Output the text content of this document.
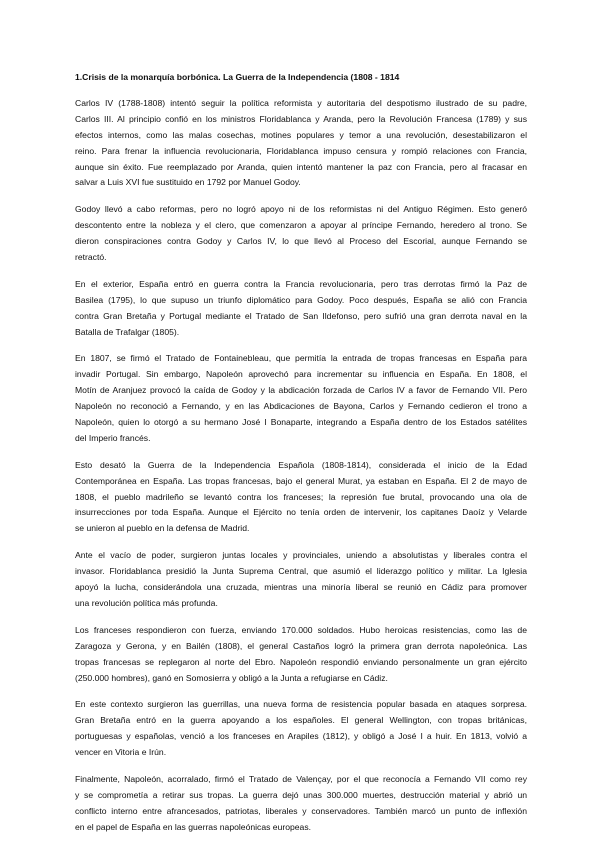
1.Crisis de la monarquía borbónica. La Guerra de la Independencia (1808 - 1814
Carlos IV (1788-1808) intentó seguir la política reformista y autoritaria del despotismo ilustrado de su padre,
Carlos III. Al principio confió en los ministros Floridablanca y Aranda, pero la Revolución Francesa (1789) y sus
efectos internos, como las malas cosechas, motines populares y temor a una revolución, desestabilizaron el
reino. Para frenar la influencia revolucionaria, Floridablanca impuso censura y rompió relaciones con Francia,
aunque sin éxito. Fue reemplazado por Aranda, quien intentó mantener la paz con Francia, pero al fracasar en
salvar a Luis XVI fue sustituido en 1792 por Manuel Godoy.
Godoy llevó a cabo reformas, pero no logró apoyo ni de los reformistas ni del Antiguo Régimen. Esto generó
descontento entre la nobleza y el clero, que comenzaron a apoyar al príncipe Fernando, heredero al trono. Se
dieron conspiraciones contra Godoy y Carlos IV, lo que llevó al Proceso del Escorial, aunque Fernando se
retractó.
En el exterior, España entró en guerra contra la Francia revolucionaria, pero tras derrotas firmó la Paz de
Basilea (1795), lo que supuso un triunfo diplomático para Godoy. Poco después, España se alió con Francia
contra Gran Bretaña y Portugal mediante el Tratado de San Ildefonso, pero sufrió una gran derrota naval en la
Batalla de Trafalgar (1805).
En 1807, se firmó el Tratado de Fontainebleau, que permitía la entrada de tropas francesas en España para
invadir Portugal. Sin embargo, Napoleón aprovechó para incrementar su influencia en España. En 1808, el
Motín de Aranjuez provocó la caída de Godoy y la abdicación forzada de Carlos IV a favor de Fernando VII. Pero
Napoleón no reconoció a Fernando, y en las Abdicaciones de Bayona, Carlos y Fernando cedieron el trono a
Napoleón, quien lo otorgó a su hermano José I Bonaparte, integrando a España dentro de los Estados satélites
del Imperio francés.
Esto desató la Guerra de la Independencia Española (1808-1814), considerada el inicio de la Edad
Contemporánea en España. Las tropas francesas, bajo el general Murat, ya estaban en España. El 2 de mayo de
1808, el pueblo madrileño se levantó contra los franceses; la represión fue brutal, provocando una ola de
insurrecciones por toda España. Aunque el Ejército no tenía orden de intervenir, los capitanes Daoíz y Velarde
se unieron al pueblo en la defensa de Madrid.
Ante el vacío de poder, surgieron juntas locales y provinciales, uniendo a absolutistas y liberales contra el
invasor. Floridablanca presidió la Junta Suprema Central, que asumió el liderazgo político y militar. La Iglesia
apoyó la lucha, considerándola una cruzada, mientras una minoría liberal se reunió en Cádiz para promover
una revolución política más profunda.
Los franceses respondieron con fuerza, enviando 170.000 soldados. Hubo heroicas resistencias, como las de
Zaragoza y Gerona, y en Bailén (1808), el general Castaños logró la primera gran derrota napoleónica. Las
tropas francesas se replegaron al norte del Ebro. Napoleón respondió enviando personalmente un gran ejército
(250.000 hombres), ganó en Somosierra y obligó a la Junta a refugiarse en Cádiz.
En este contexto surgieron las guerrillas, una nueva forma de resistencia popular basada en ataques sorpresa.
Gran Bretaña entró en la guerra apoyando a los españoles. El general Wellington, con tropas británicas,
portuguesas y españolas, venció a los franceses en Arapiles (1812), y obligó a José I a huir. En 1813, volvió a
vencer en Vitoria e Irún.
Finalmente, Napoleón, acorralado, firmó el Tratado de Valençay, por el que reconocía a Fernando VII como rey
y se comprometía a retirar sus tropas. La guerra dejó unas 300.000 muertes, destrucción material y abrió un
conflicto interno entre afrancesados, patriotas, liberales y conservadores. También marcó un punto de inflexión
en el papel de España en las guerras napoleónicas europeas.
